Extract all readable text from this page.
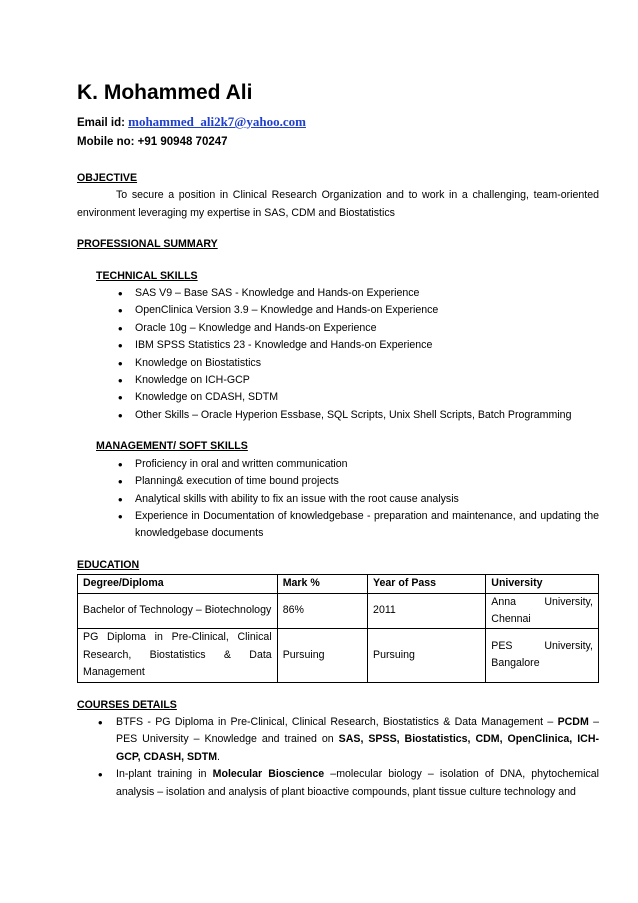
K. Mohammed Ali
Email id: mohammed_ali2k7@yahoo.com
Mobile no: +91 90948 70247
OBJECTIVE
To secure a position in Clinical Research Organization and to work in a challenging, team-oriented environment leveraging my expertise in SAS, CDM and Biostatistics
PROFESSIONAL SUMMARY
TECHNICAL SKILLS
• SAS V9 – Base SAS - Knowledge and Hands-on Experience
• OpenClinica Version 3.9 – Knowledge and Hands-on Experience
• Oracle 10g – Knowledge and Hands-on Experience
• IBM SPSS Statistics 23 - Knowledge and Hands-on Experience
• Knowledge on Biostatistics
• Knowledge on ICH-GCP
• Knowledge on CDASH, SDTM
• Other Skills – Oracle Hyperion Essbase, SQL Scripts, Unix Shell Scripts, Batch Programming
MANAGEMENT/ SOFT SKILLS
• Proficiency in oral and written communication
• Planning& execution of time bound projects
• Analytical skills with ability to fix an issue with the root cause analysis
• Experience in Documentation of knowledgebase - preparation and maintenance, and updating the knowledgebase documents
EDUCATION
Degree/Diploma	Mark %	Year of Pass	University
Bachelor of Technology – Biotechnology	86%	2011	Anna University, Chennai
PG Diploma in Pre-Clinical, Clinical Research, Biostatistics & Data Management	Pursuing	Pursuing	PES University, Bangalore
COURSES DETAILS
• BTFS - PG Diploma in Pre-Clinical, Clinical Research, Biostatistics & Data Management – PCDM – PES University – Knowledge and trained on SAS, SPSS, Biostatistics, CDM, OpenClinica, ICH-GCP, CDASH, SDTM.
• In-plant training in Molecular Bioscience –molecular biology – isolation of DNA, phytochemical analysis – isolation and analysis of plant bioactive compounds, plant tissue culture technology and
